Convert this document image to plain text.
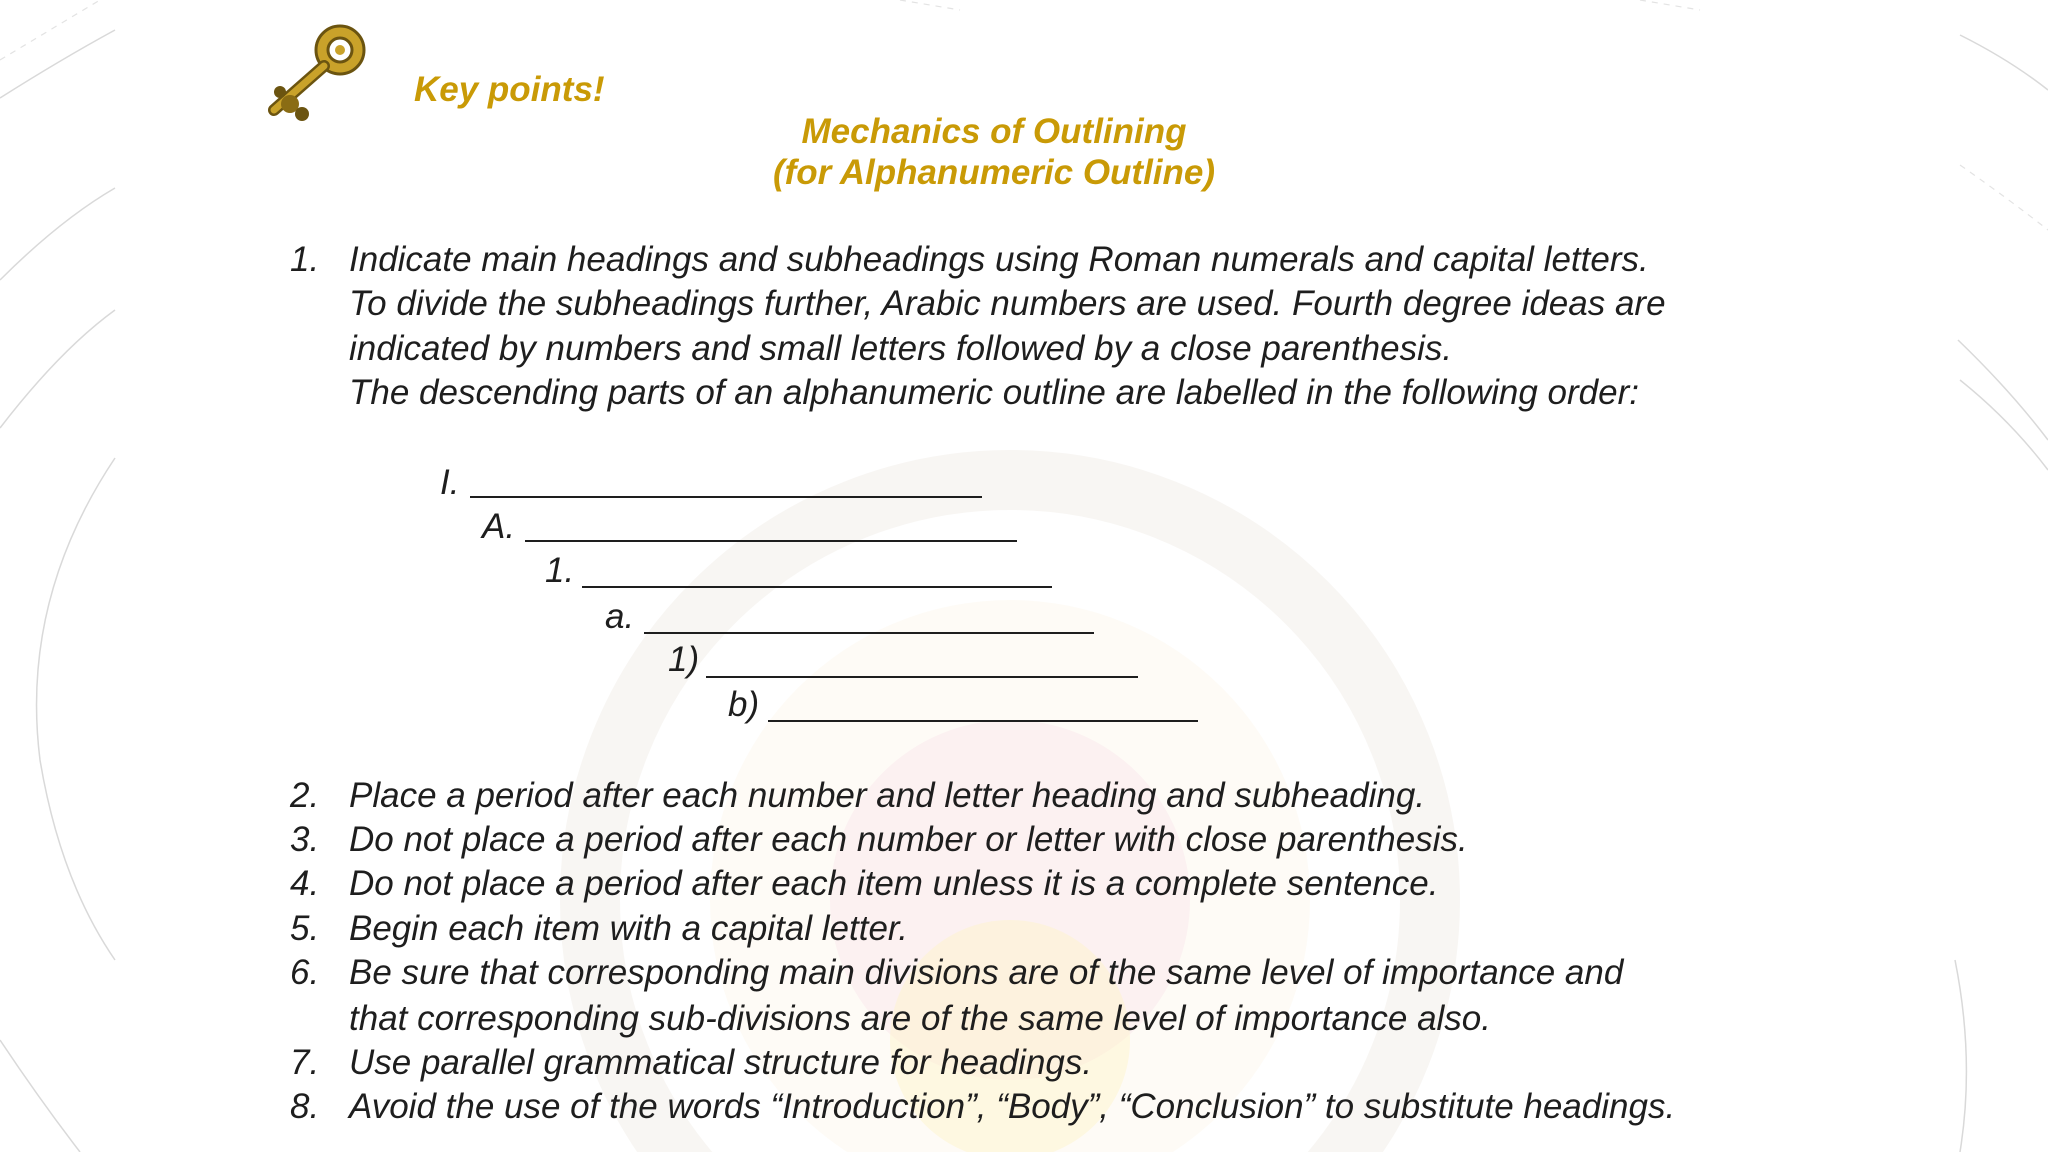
Key points!
Mechanics of Outlining
(for Alphanumeric Outline)
1. Indicate main headings and subheadings using Roman numerals and capital letters.
To divide the subheadings further, Arabic numbers are used. Fourth degree ideas are
indicated by numbers and small letters followed by a close parenthesis.
The descending parts of an alphanumeric outline are labelled in the following order:
I.
A.
1.
a.
1)
b)
2. Place a period after each number and letter heading and subheading.
3. Do not place a period after each number or letter with close parenthesis.
4. Do not place a period after each item unless it is a complete sentence.
5. Begin each item with a capital letter.
6. Be sure that corresponding main divisions are of the same level of importance and
that corresponding sub-divisions are of the same level of importance also.
7. Use parallel grammatical structure for headings.
8. Avoid the use of the words “Introduction”, “Body”, “Conclusion” to substitute headings.
